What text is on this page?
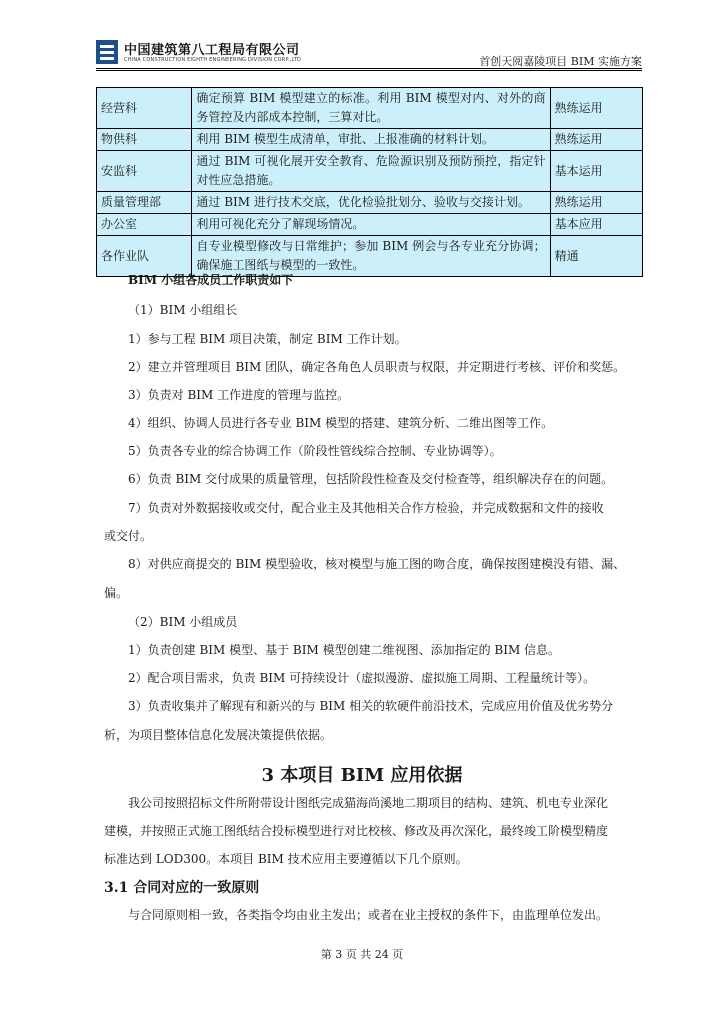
中国建筑第八工程局有限公司
CHINA CONSTRUCTION EIGHTH ENGINEERING DIVISION CORP.,LTD	首创天阅嘉陵项目 BIM 实施方案
经营科	确定预算 BIM 模型建立的标准。利用 BIM 模型对内、对外的商务管控及内部成本控制，三算对比。	熟练运用
物供科	利用 BIM 模型生成清单，审批、上报准确的材料计划。	熟练运用
安监科	通过 BIM 可视化展开安全教育、危险源识别及预防预控，指定针对性应急措施。	基本运用
质量管理部	通过 BIM 进行技术交底，优化检验批划分、验收与交接计划。	熟练运用
办公室	利用可视化充分了解现场情况。	基本应用
各作业队	自专业模型修改与日常维护；参加 BIM 例会与各专业充分协调；确保施工图纸与模型的一致性。	精通
BIM 小组各成员工作职责如下
（1）BIM 小组组长
1）参与工程 BIM 项目决策，制定 BIM 工作计划。
2）建立并管理项目 BIM 团队，确定各角色人员职责与权限，并定期进行考核、评价和奖惩。
3）负责对 BIM 工作进度的管理与监控。
4）组织、协调人员进行各专业 BIM 模型的搭建、建筑分析、二维出图等工作。
5）负责各专业的综合协调工作（阶段性管线综合控制、专业协调等）。
6）负责 BIM 交付成果的质量管理，包括阶段性检查及交付检查等，组织解决存在的问题。
7）负责对外数据接收或交付，配合业主及其他相关合作方检验，并完成数据和文件的接收
或交付。
8）对供应商提交的 BIM 模型验收，核对模型与施工图的吻合度，确保按图建模没有错、漏、
偏。
（2）BIM 小组成员
1）负责创建 BIM 模型、基于 BIM 模型创建二维视图、添加指定的 BIM 信息。
2）配合项目需求，负责 BIM 可持续设计（虚拟漫游、虚拟施工周期、工程量统计等）。
3）负责收集并了解现有和新兴的与 BIM 相关的软硬件前沿技术，完成应用价值及优劣势分
析，为项目整体信息化发展决策提供依据。
3 本项目 BIM 应用依据
我公司按照招标文件所附带设计图纸完成猫海尚溪地二期项目的结构、建筑、机电专业深化
建模，并按照正式施工图纸结合投标模型进行对比校核、修改及再次深化，最终竣工阶模型精度
标准达到 LOD300。本项目 BIM 技术应用主要遵循以下几个原则。
3.1 合同对应的一致原则
与合同原则相一致，各类指令均由业主发出；或者在业主授权的条件下，由监理单位发出。
第 3 页 共 24 页
